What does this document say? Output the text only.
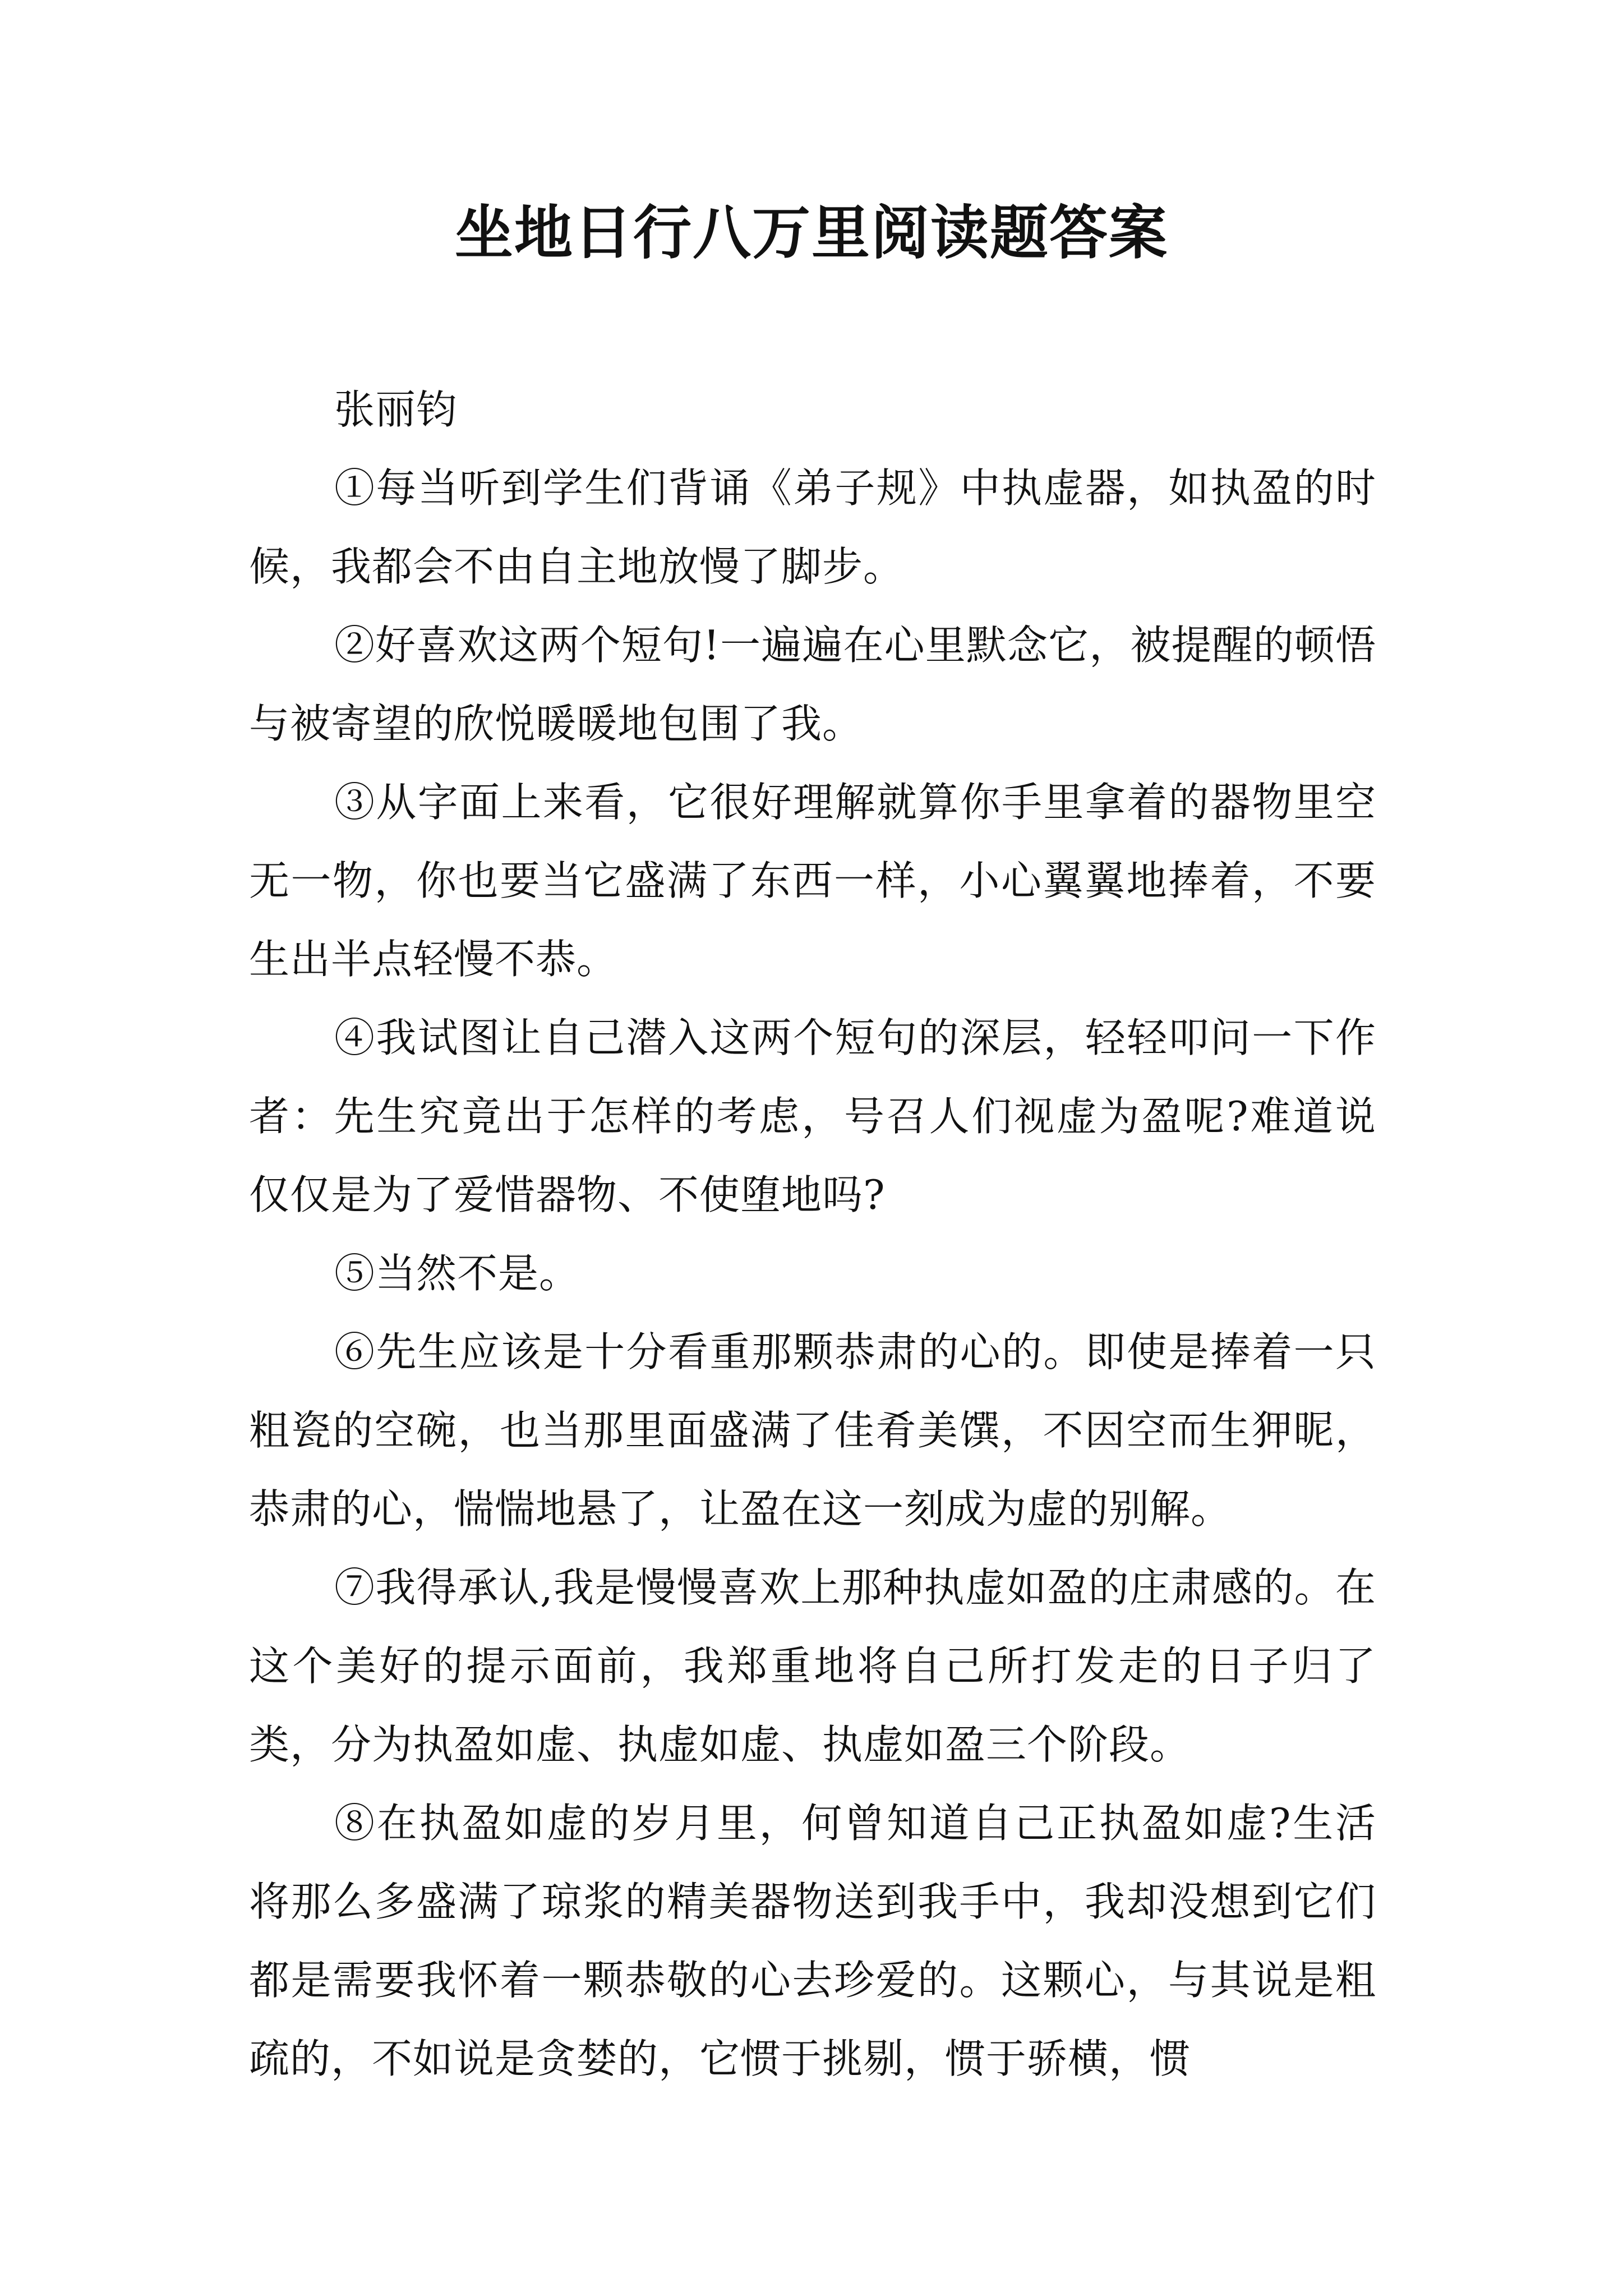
坐地日行八万里阅读题答案

张丽钧

①每当听到学生们背诵《弟子规》中执虚器，如执盈的时候，我都会不由自主地放慢了脚步。

②好喜欢这两个短句!一遍遍在心里默念它，被提醒的顿悟与被寄望的欣悦暖暖地包围了我。

③从字面上来看，它很好理解就算你手里拿着的器物里空无一物，你也要当它盛满了东西一样，小心翼翼地捧着，不要生出半点轻慢不恭。

④我试图让自己潜入这两个短句的深层，轻轻叩问一下作者：先生究竟出于怎样的考虑，号召人们视虚为盈呢?难道说仅仅是为了爱惜器物、不使堕地吗?

⑤当然不是。

⑥先生应该是十分看重那颗恭肃的心的。即使是捧着一只粗瓷的空碗，也当那里面盛满了佳肴美馔，不因空而生狎昵，恭肃的心，惴惴地悬了，让盈在这一刻成为虚的别解。

⑦我得承认,我是慢慢喜欢上那种执虚如盈的庄肃感的。在这个美好的提示面前，我郑重地将自己所打发走的日子归了类，分为执盈如虚、执虚如虚、执虚如盈三个阶段。

⑧在执盈如虚的岁月里，何曾知道自己正执盈如虚?生活将那么多盛满了琼浆的精美器物送到我手中，我却没想到它们都是需要我怀着一颗恭敬的心去珍爱的。这颗心，与其说是粗疏的，不如说是贪婪的，它惯于挑剔，惯于骄横，惯
